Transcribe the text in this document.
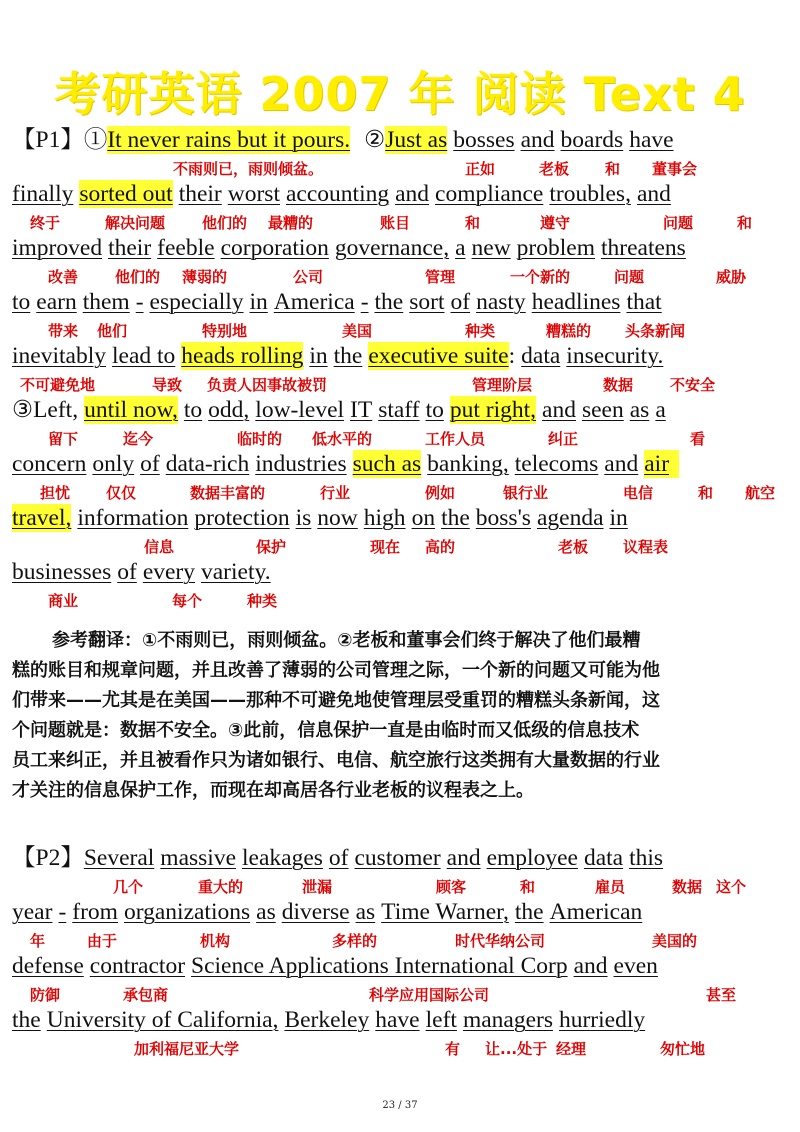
考研英语 2007 年 阅读 Text 4
【P1】①It never rains but it pours. ②Just as bosses and boards have
不雨则已，雨则倾盆。	正如	老板 和 董事会
finally sorted out their worst accounting and compliance troubles, and
终于	解决问题 他们的 最糟的	账目	和	遵守	问题	和
improved their feeble corporation governance, a new problem threatens
改善 他们的 薄弱的	公司	管理	一个新的	问题	威胁
to earn them - especially in America - the sort of nasty headlines that
带来 他们	特别地	美国	种类	糟糕的 头条新闻
inevitably lead to heads rolling in the executive suite: data insecurity.
不可避免地	导致 负责人因事故被罚	管理阶层	数据 不安全
③Left, until now, to odd, low-level IT staff to put right, and seen as a
留下	迄今	临时的 低水平的	工作人员	纠正	看
concern only of data-rich industries such as banking, telecoms and air
担忧 仅仅	数据丰富的	行业	例如	银行业	电信	和 航空
travel, information protection is now high on the boss's agenda in
信息	保护	现在 高的	老板 议程表
businesses of every variety.
商业	每个	种类

参考翻译：①不雨则已，雨则倾盆。②老板和董事会们终于解决了他们最糟

糕的账目和规章问题，并且改善了薄弱的公司管理之际，一个新的问题又可能为他

们带来——尤其是在美国——那种不可避免地使管理层受重罚的糟糕头条新闻，这

个问题就是：数据不安全。③此前，信息保护一直是由临时而又低级的信息技术

员工来纠正，并且被看作只为诸如银行、电信、航空旅行这类拥有大量数据的行业

才关注的信息保护工作，而现在却高居各行业老板的议程表之上。

【P2】Several massive leakages of customer and employee data this
几个	重大的	泄漏	顾客	和	雇员	数据 这个
year - from organizations as diverse as Time Warner, the American
年	由于	机构	多样的	时代华纳公司	美国的
defense contractor Science Applications International Corp and even
防御	承包商	科学应用国际公司	甚至
the University of California, Berkeley have left managers hurriedly
加利福尼亚大学	有 让...处于 经理	匆忙地
23 / 37
